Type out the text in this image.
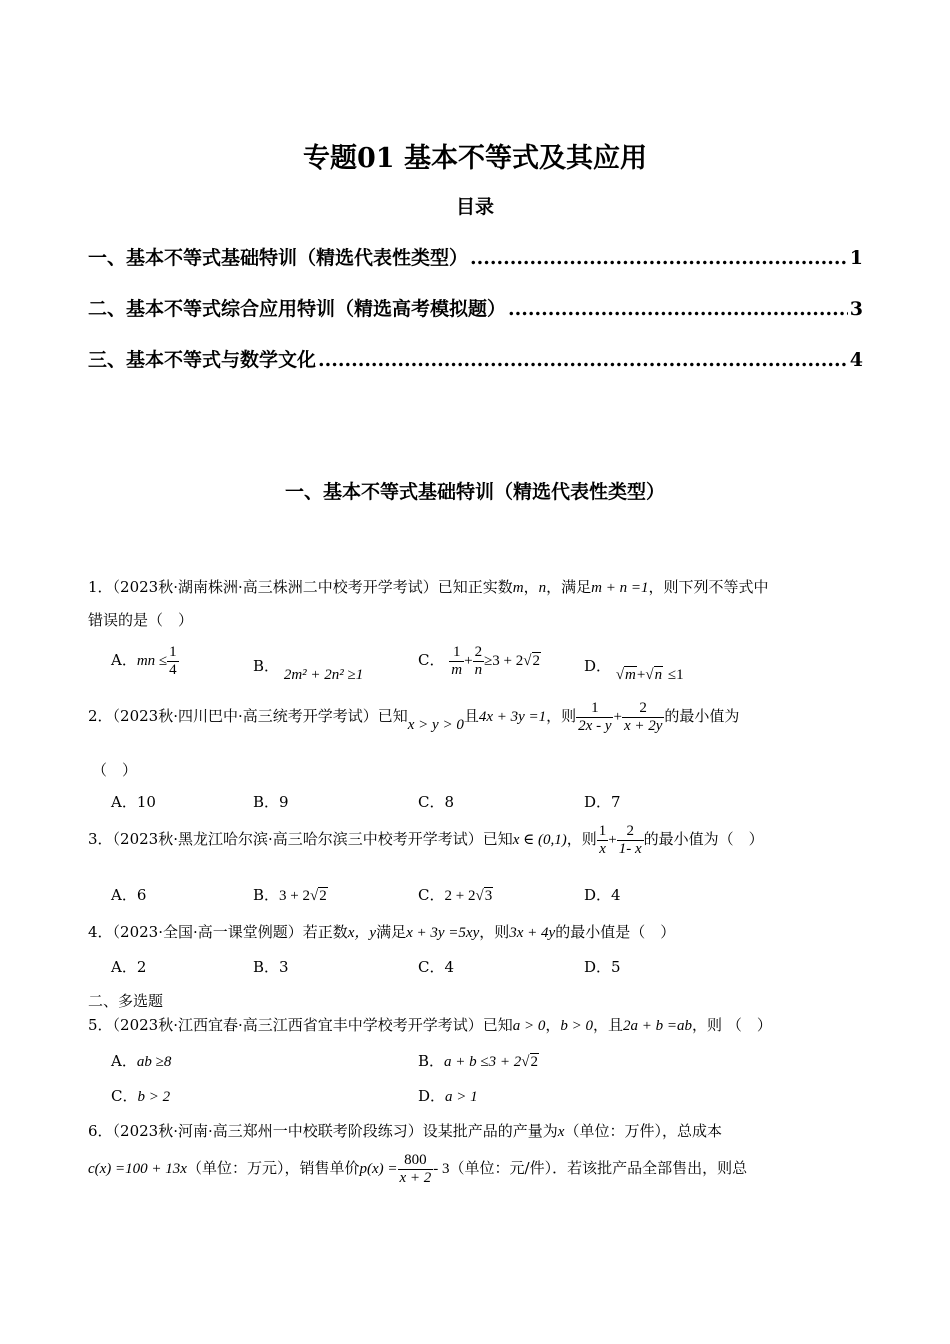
专题01 基本不等式及其应用
目录
一、基本不等式基础特训（精选代表性类型） .....	1
二、基本不等式综合应用特训（精选高考模拟题） .....	3
三、基本不等式与数学文化 .....	4
一、基本不等式基础特训（精选代表性类型）
1．（2023秋·湖南株洲·高三株洲二中校考开学考试）已知正实数m，n，满足m + n =1，则下列不等式中
错误的是（　）
A．mn ≤ $\frac{1}{4}$	B． 2m² + 2n² ≥1
C． $\frac{1}{m} + \frac{2}{n} \ge 3 + 2√2$	D． √m+√n ≤1
2．（2023秋·四川巴中·高三统考开学考试）已知x > y > 0且4x + 3y =1，则 $\frac{1}{2x - y} + \frac{2}{x + 2y}$ 的最小值为
（　）
A．10	B．9	C．8	D．7
3．（2023秋·黑龙江哈尔滨·高三哈尔滨三中校考开学考试）已知x ∈ (0,1)，则 $\frac{1}{x} + \frac{2}{1- x}$ 的最小值为（　）
A．6	B．3 + 2√2	C．2 + 2√3	D．4
4．（2023·全国·高一课堂例题）若正数x，y满足x + 3y =5xy，则3x + 4y的最小值是（　）
A．2	B．3	C．4	D．5
二、多选题
5．（2023秋·江西宜春·高三江西省宜丰中学校考开学考试）已知a > 0，b > 0，且2a + b =ab，则 （　）
A．ab ≥8	B．a + b ≤3 + 2√2
C．b > 2	D．a > 1
6．（2023秋·河南·高三郑州一中校联考阶段练习）设某批产品的产量为x（单位：万件），总成本
c(x) =100 + 13x（单位：万元），销售单价$p(x) = \frac{800}{x + 2} - 3$（单位：元/件）．若该批产品全部售出，则总
